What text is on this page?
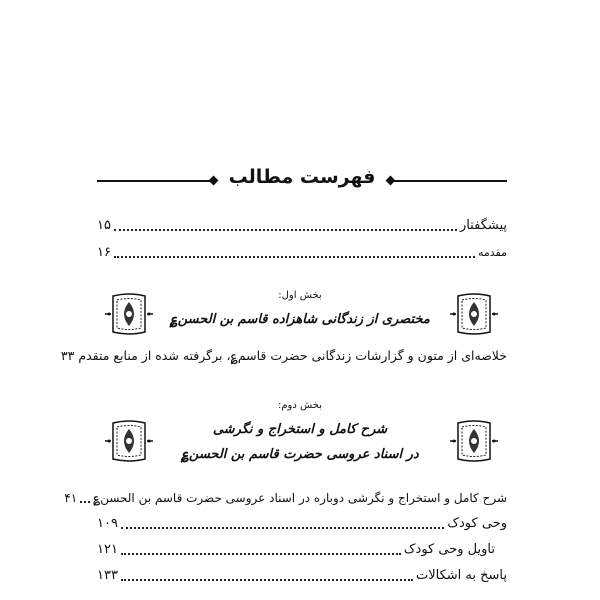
فهرست مطالب
پیشگفتار
۱۵
مقدمه
۱۶
بخش اول:
مختصری از زندگانی شاهزاده قاسم بن الحسن؏
خلاصه‌ای از متون و گزارشات زندگانی حضرت قاسم؏، برگرفته شده از منابع متقدم ۳۳
بخش دوم:
شرح کامل و استخراج و نگرشی
در اسناد عروسی حضرت قاسم بن الحسن؏
شرح کامل و استخراج و نگرشی دوباره در اسناد عروسی حضرت قاسم بن الحسن؏
۴۱
وحی کودک
۱۰۹
تاویل وحی کودک
۱۲۱
پاسخ به اشکالات
۱۳۳
